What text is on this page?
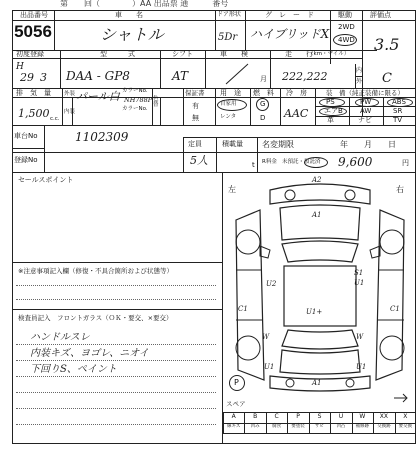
第　　回（　　　　）AA 出品票 通　　　番号
出品番号
5056
車　　名	ドア形状	グ　レ　ー　ド	駆動	評価点
シャトル	5Dr ハイブリッドX 2WD
4WD 3.5
初度登録	型　　　式	シフト	車　　検	走　　行
（km・マイル）
H
29 3 DAA - GP8	AT	月 222,222	内
外 C
排　気　量
1,500 c.c.
外装
内装
パール白 カラーNo.
NH788P
カラーNo.
色替
保証書
有
無
用　途
自家用
レンタ
燃　料
G
D
冷　房
AAC
装　備（純正装備に限る）
PS	PW	ABS
エアB AW	SR
革	ナビ	TV
車台No	1102309
登録No
定員
5人
積載量
t
名変期限	年　　月　　日
R料金 未預託・預託済 9,600	円
セールスポイント
左	右
※注意事項記入欄（修復・不具合箇所および状態等）
検査員記入　フロントガラス（ＯＫ・要交、×要交）
ハンドルスレ
内装キズ、ヨゴレ、ニオイ
下回りS、ペイント
A2
A1
U2
S1
U1
C1	C1
U1+
W	W
U1	U1
A1
P
スペア
A
線キズ
B
凹み
C
腐食
P
要塗装
S
サビ
U
凹凸
W
補修跡
XX
交換跡
X
要交換
